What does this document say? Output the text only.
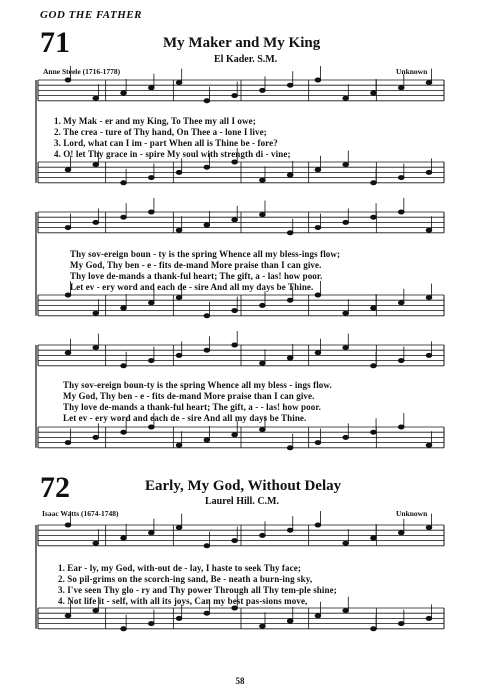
GOD THE FATHER
71	My Maker and My King
El Kader. S.M.
Anne Steele (1716-1778)	Unknown
1. My Mak - er and my King, To Thee my all I owe;
2. The crea - ture of Thy hand, On Thee a - lone I live;
3. Lord, what can I im - part When all is Thine be - fore?
4. O! let Thy grace in - spire My soul with strength di - vine;
Thy sov-ereign boun - ty is the spring Whence all my bless-ings flow;
My God, Thy ben - e - fits de-mand More praise than I can give.
Thy love de-mands a thank-ful heart; The gift, a - las! how poor.
Let ev - ery word and each de - sire And all my days be Thine.
Thy sov-ereign boun-ty is the spring Whence all my bless - ings flow.
My God, Thy ben - e - fits de-mand More praise than I can give.
Thy love de-mands a thank-ful heart; The gift, a - - las! how poor.
Let ev - ery word and each de - sire And all my days be Thine.
72	Early, My God, Without Delay
Laurel Hill. C.M.
Isaac Watts (1674-1748)	Unknown
1. Ear - ly, my God, with-out de - lay, I haste to seek Thy face;
2. So pil-grims on the scorch-ing sand, Be - neath a burn-ing sky,
3. I've seen Thy glo - ry and Thy power Through all Thy tem-ple shine;
4. Not life it - self, with all its joys, Can my best pas-sions move,
58
